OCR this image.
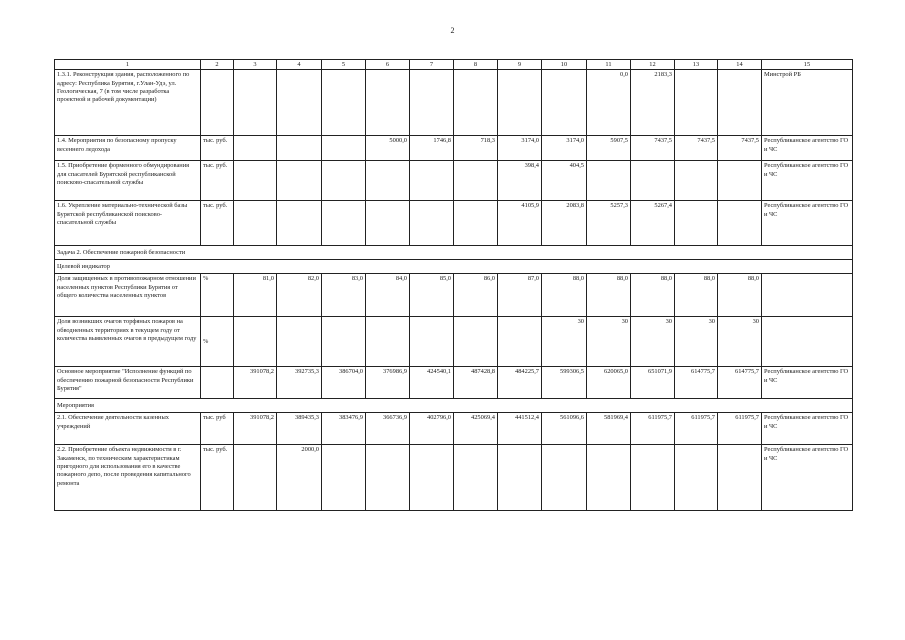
2
1	2	3	4	5	6	7	8	9	10	11	12	13	14	15
1.3.1. Реконструкция здания, расположенного по адресу: Республика Бурятия, г.Улан-Удэ, ул. Геологическая, 7 (в том числе разработка проектной и рабочей документации)										0,0	2183,3			Минстрой РБ
1.4. Мероприятия по безопасному пропуску весеннего ледохода	тыс. руб.				5000,0	1746,8	718,3	3174,0	3174,0	5907,5	7437,5	7437,5	7437,5	Республиканское агентство ГО и ЧС
1.5. Приобретение форменного обмундирования для спасателей Бурятской республиканской поисково-спасательной службы	тыс. руб.							398,4	404,5					Республиканское агентство ГО и ЧС
1.6. Укрепление материально-технической базы Бурятской республиканской поисково-спасательной службы	тыс. руб.							4105,9	2083,8	5257,3	5267,4			Республиканское агентство ГО и ЧС
Задача 2. Обеспечение пожарной безопасности														
Целевой индикатор														
Доля защищенных в противопожарном отношении населенных пунктов Республики Бурятия от общего количества населенных пунктов	%	81,0	82,0	83,0	84,0	85,0	86,0	87,0	88,0	88,0	88,0	88,0	88,0	
Доля возникших очагов торфяных пожаров на обводненных территориях в текущем году от количества выявленных очагов в предыдущем году	%								30	30	30	30	30	
Основное мероприятие "Исполнение функций по обеспечению пожарной безопасности Республики Бурятия"		391078,2	392735,3	386704,0	376986,9	424540,1	487428,8	484225,7	599306,5	620065,0	651071,9	614775,7	614775,7	Республиканское агентство ГО и ЧС
Мероприятия														
2.1. Обеспечение деятельности казенных учреждений	тыс. руб	391078,2	389435,3	383476,9	366736,9	402796,0	425069,4	441512,4	561096,6	581969,4	611975,7	611975,7	611975,7	Республиканское агентство ГО и ЧС
2.2. Приобретение объекта недвижимости в г. Закаменск, по техническим характеристикам пригодного для использования его в качестве пожарного депо, после проведения капитального ремонта	тыс. руб.		2000,0											Республиканское агентство ГО и ЧС
